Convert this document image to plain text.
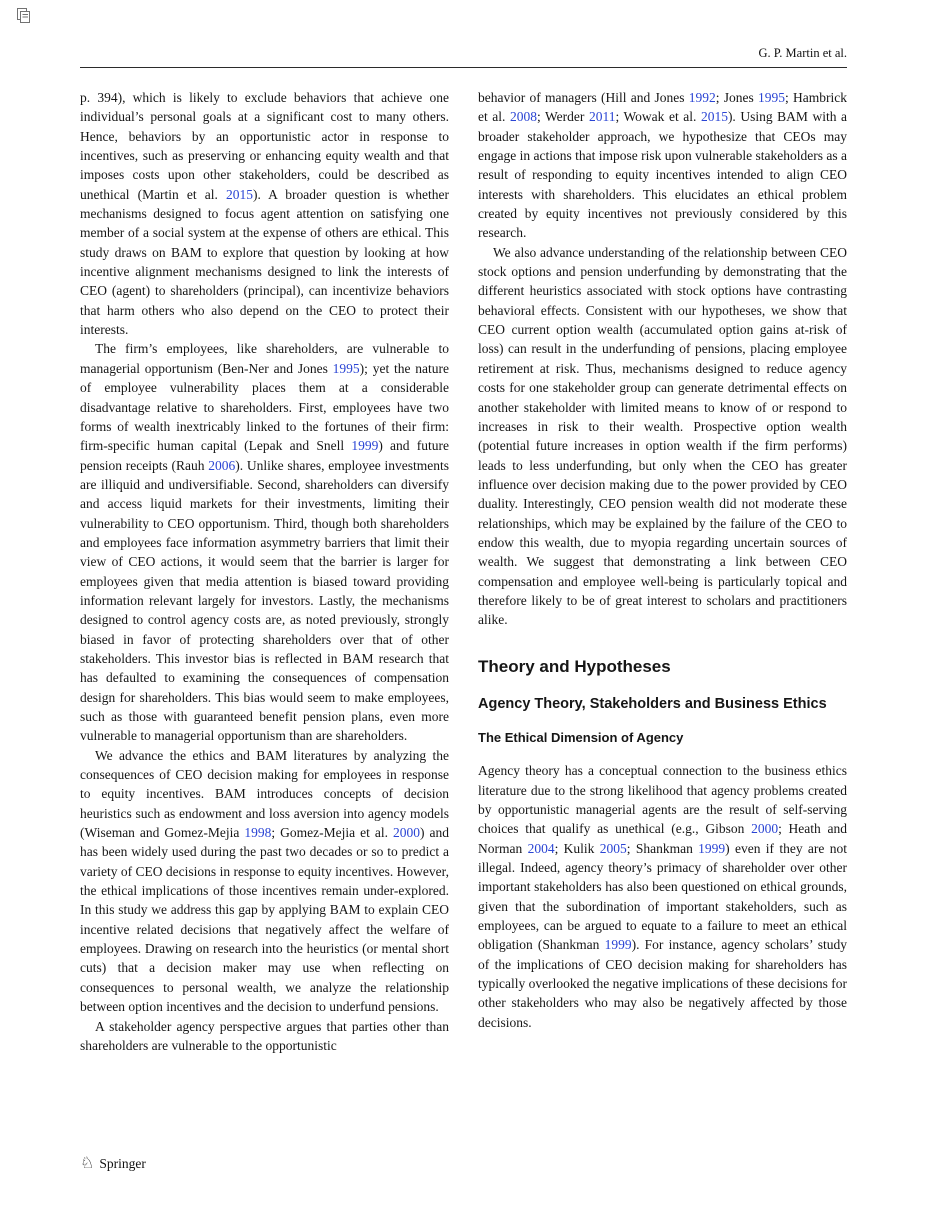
G. P. Martin et al.

p. 394), which is likely to exclude behaviors that achieve one individual’s personal goals at a significant cost to many others. Hence, behaviors by an opportunistic actor in response to incentives, such as preserving or enhancing equity wealth and that imposes costs upon other stakeholders, could be described as unethical (Martin et al. 2015). A broader question is whether mechanisms designed to focus agent attention on satisfying one member of a social system at the expense of others are ethical. This study draws on BAM to explore that question by looking at how incentive alignment mechanisms designed to link the interests of CEO (agent) to shareholders (principal), can incentivize behaviors that harm others who also depend on the CEO to protect their interests.

The firm’s employees, like shareholders, are vulnerable to managerial opportunism (Ben-Ner and Jones 1995); yet the nature of employee vulnerability places them at a considerable disadvantage relative to shareholders. First, employees have two forms of wealth inextricably linked to the fortunes of their firm: firm-specific human capital (Lepak and Snell 1999) and future pension receipts (Rauh 2006). Unlike shares, employee investments are illiquid and undiversifiable. Second, shareholders can diversify and access liquid markets for their investments, limiting their vulnerability to CEO opportunism. Third, though both shareholders and employees face information asymmetry barriers that limit their view of CEO actions, it would seem that the barrier is larger for employees given that media attention is biased toward providing information relevant largely for investors. Lastly, the mechanisms designed to control agency costs are, as noted previously, strongly biased in favor of protecting shareholders over that of other stakeholders. This investor bias is reflected in BAM research that has defaulted to examining the consequences of compensation design for shareholders. This bias would seem to make employees, such as those with guaranteed benefit pension plans, even more vulnerable to managerial opportunism than are shareholders.

We advance the ethics and BAM literatures by analyzing the consequences of CEO decision making for employees in response to equity incentives. BAM introduces concepts of decision heuristics such as endowment and loss aversion into agency models (Wiseman and Gomez-Mejia 1998; Gomez-Mejia et al. 2000) and has been widely used during the past two decades or so to predict a variety of CEO decisions in response to equity incentives. However, the ethical implications of those incentives remain under-explored. In this study we address this gap by applying BAM to explain CEO incentive related decisions that negatively affect the welfare of employees. Drawing on research into the heuristics (or mental short cuts) that a decision maker may use when reflecting on consequences to personal wealth, we analyze the relationship between option incentives and the decision to underfund pensions.

A stakeholder agency perspective argues that parties other than shareholders are vulnerable to the opportunistic

behavior of managers (Hill and Jones 1992; Jones 1995; Hambrick et al. 2008; Werder 2011; Wowak et al. 2015). Using BAM with a broader stakeholder approach, we hypothesize that CEOs may engage in actions that impose risk upon vulnerable stakeholders as a result of responding to equity incentives intended to align CEO interests with shareholders. This elucidates an ethical problem created by equity incentives not previously considered by this research.

We also advance understanding of the relationship between CEO stock options and pension underfunding by demonstrating that the different heuristics associated with stock options have contrasting behavioral effects. Consistent with our hypotheses, we show that CEO current option wealth (accumulated option gains at-risk of loss) can result in the underfunding of pensions, placing employee retirement at risk. Thus, mechanisms designed to reduce agency costs for one stakeholder group can generate detrimental effects on another stakeholder with limited means to know of or respond to increases in risk to their wealth. Prospective option wealth (potential future increases in option wealth if the firm performs) leads to less underfunding, but only when the CEO has greater influence over decision making due to the power provided by CEO duality. Interestingly, CEO pension wealth did not moderate these relationships, which may be explained by the failure of the CEO to endow this wealth, due to myopia regarding uncertain sources of wealth. We suggest that demonstrating a link between CEO compensation and employee well-being is particularly topical and therefore likely to be of great interest to scholars and practitioners alike.

Theory and Hypotheses
Agency Theory, Stakeholders and Business Ethics
The Ethical Dimension of Agency

Agency theory has a conceptual connection to the business ethics literature due to the strong likelihood that agency problems created by opportunistic managerial agents are the result of self-serving choices that qualify as unethical (e.g., Gibson 2000; Heath and Norman 2004; Kulik 2005; Shankman 1999) even if they are not illegal. Indeed, agency theory’s primacy of shareholder over other important stakeholders has also been questioned on ethical grounds, given that the subordination of important stakeholders, such as employees, can be argued to equate to a failure to meet an ethical obligation (Shankman 1999). For instance, agency scholars’ study of the implications of CEO decision making for shareholders has typically overlooked the negative implications of these decisions for other stakeholders who may also be negatively affected by those decisions.

♘ Springer
